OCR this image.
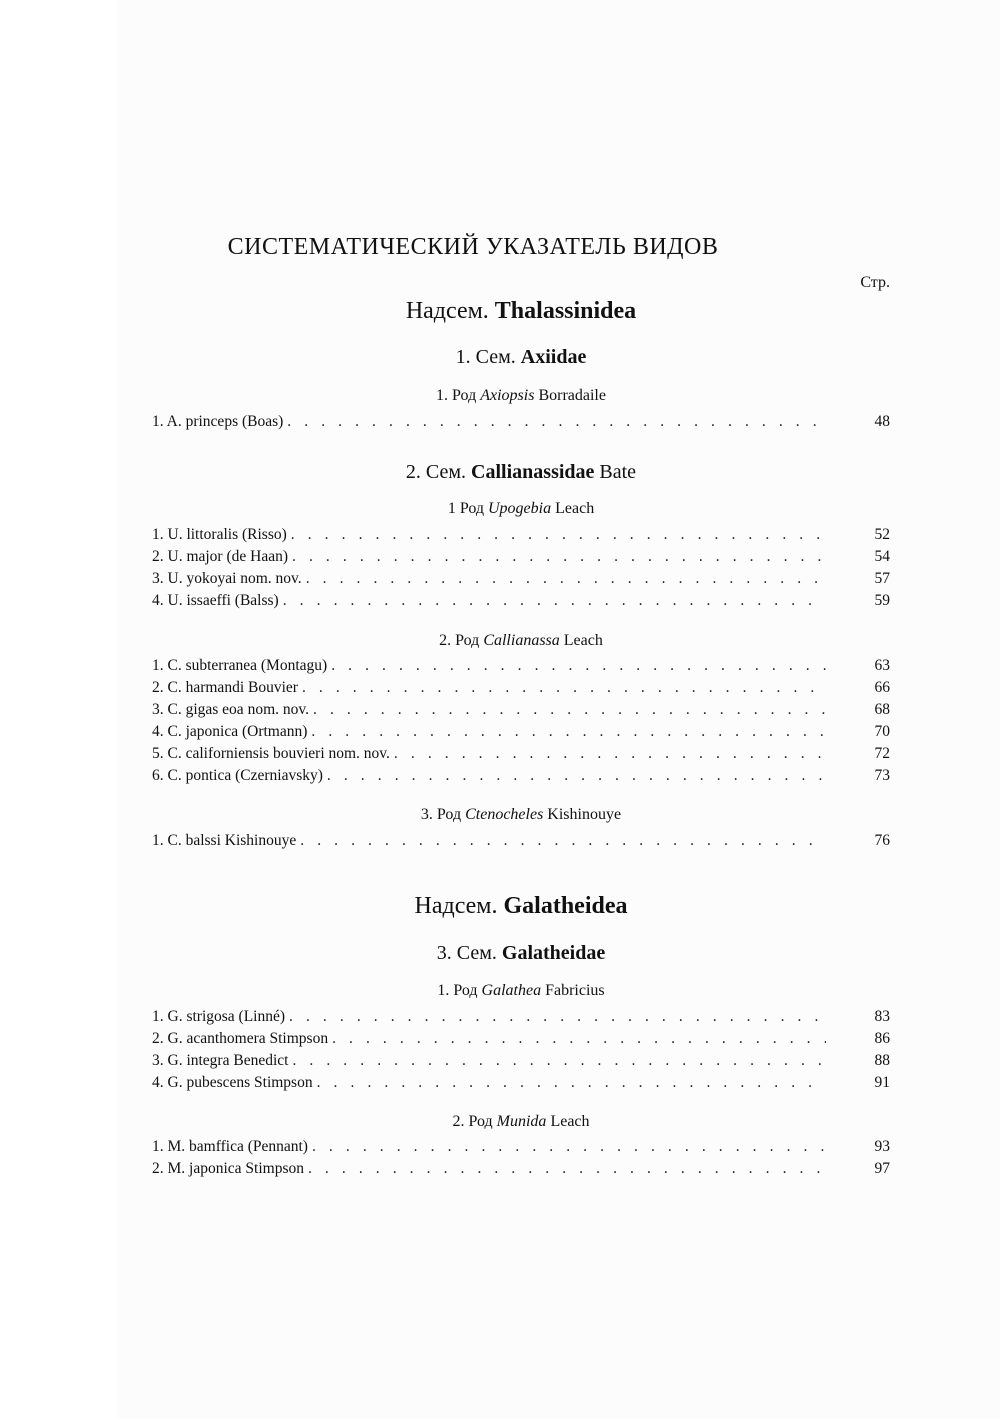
СИСТЕМАТИЧЕСКИЙ УКАЗАТЕЛЬ ВИДОВ
Стр.
Надсем. Thalassinidea
1. Сем. Axiidae
1. Род Axiopsis Borradaile
1. A. princeps (Boas) . . .	48
2. Сем. Callianassidae Bate
1 Род Upogebia Leach
1. U. littoralis (Risso) . . .	52
2. U. major (de Haan) . . .	54
3. U. yokoyai nom. nov. . . .	57
4. U. issaeffi (Balss) . . .	59
2. Род Callianassa Leach
1. C. subterranea (Montagu) . . .	63
2. C. harmandi Bouvier . . .	66
3. C. gigas eoa nom. nov. . . .	68
4. C. japonica (Ortmann) . . .	70
5. C. californiensis bouvieri nom. nov. . . .	72
6. C. pontica (Czerniavsky) . . .	73
3. Род Ctenocheles Kishinouye
1. C. balssi Kishinouye . . .	76
Надсем. Galatheidea
3. Сем. Galatheidae
1. Род Galathea Fabricius
1. G. strigosa (Linné) . . .	83
2. G. acanthomera Stimpson . . .	86
3. G. integra Benedict . . .	88
4. G. pubescens Stimpson . . .	91
2. Род Munida Leach
1. M. bamffica (Pennant) . . .	93
2. M. japonica Stimpson . . .	97
